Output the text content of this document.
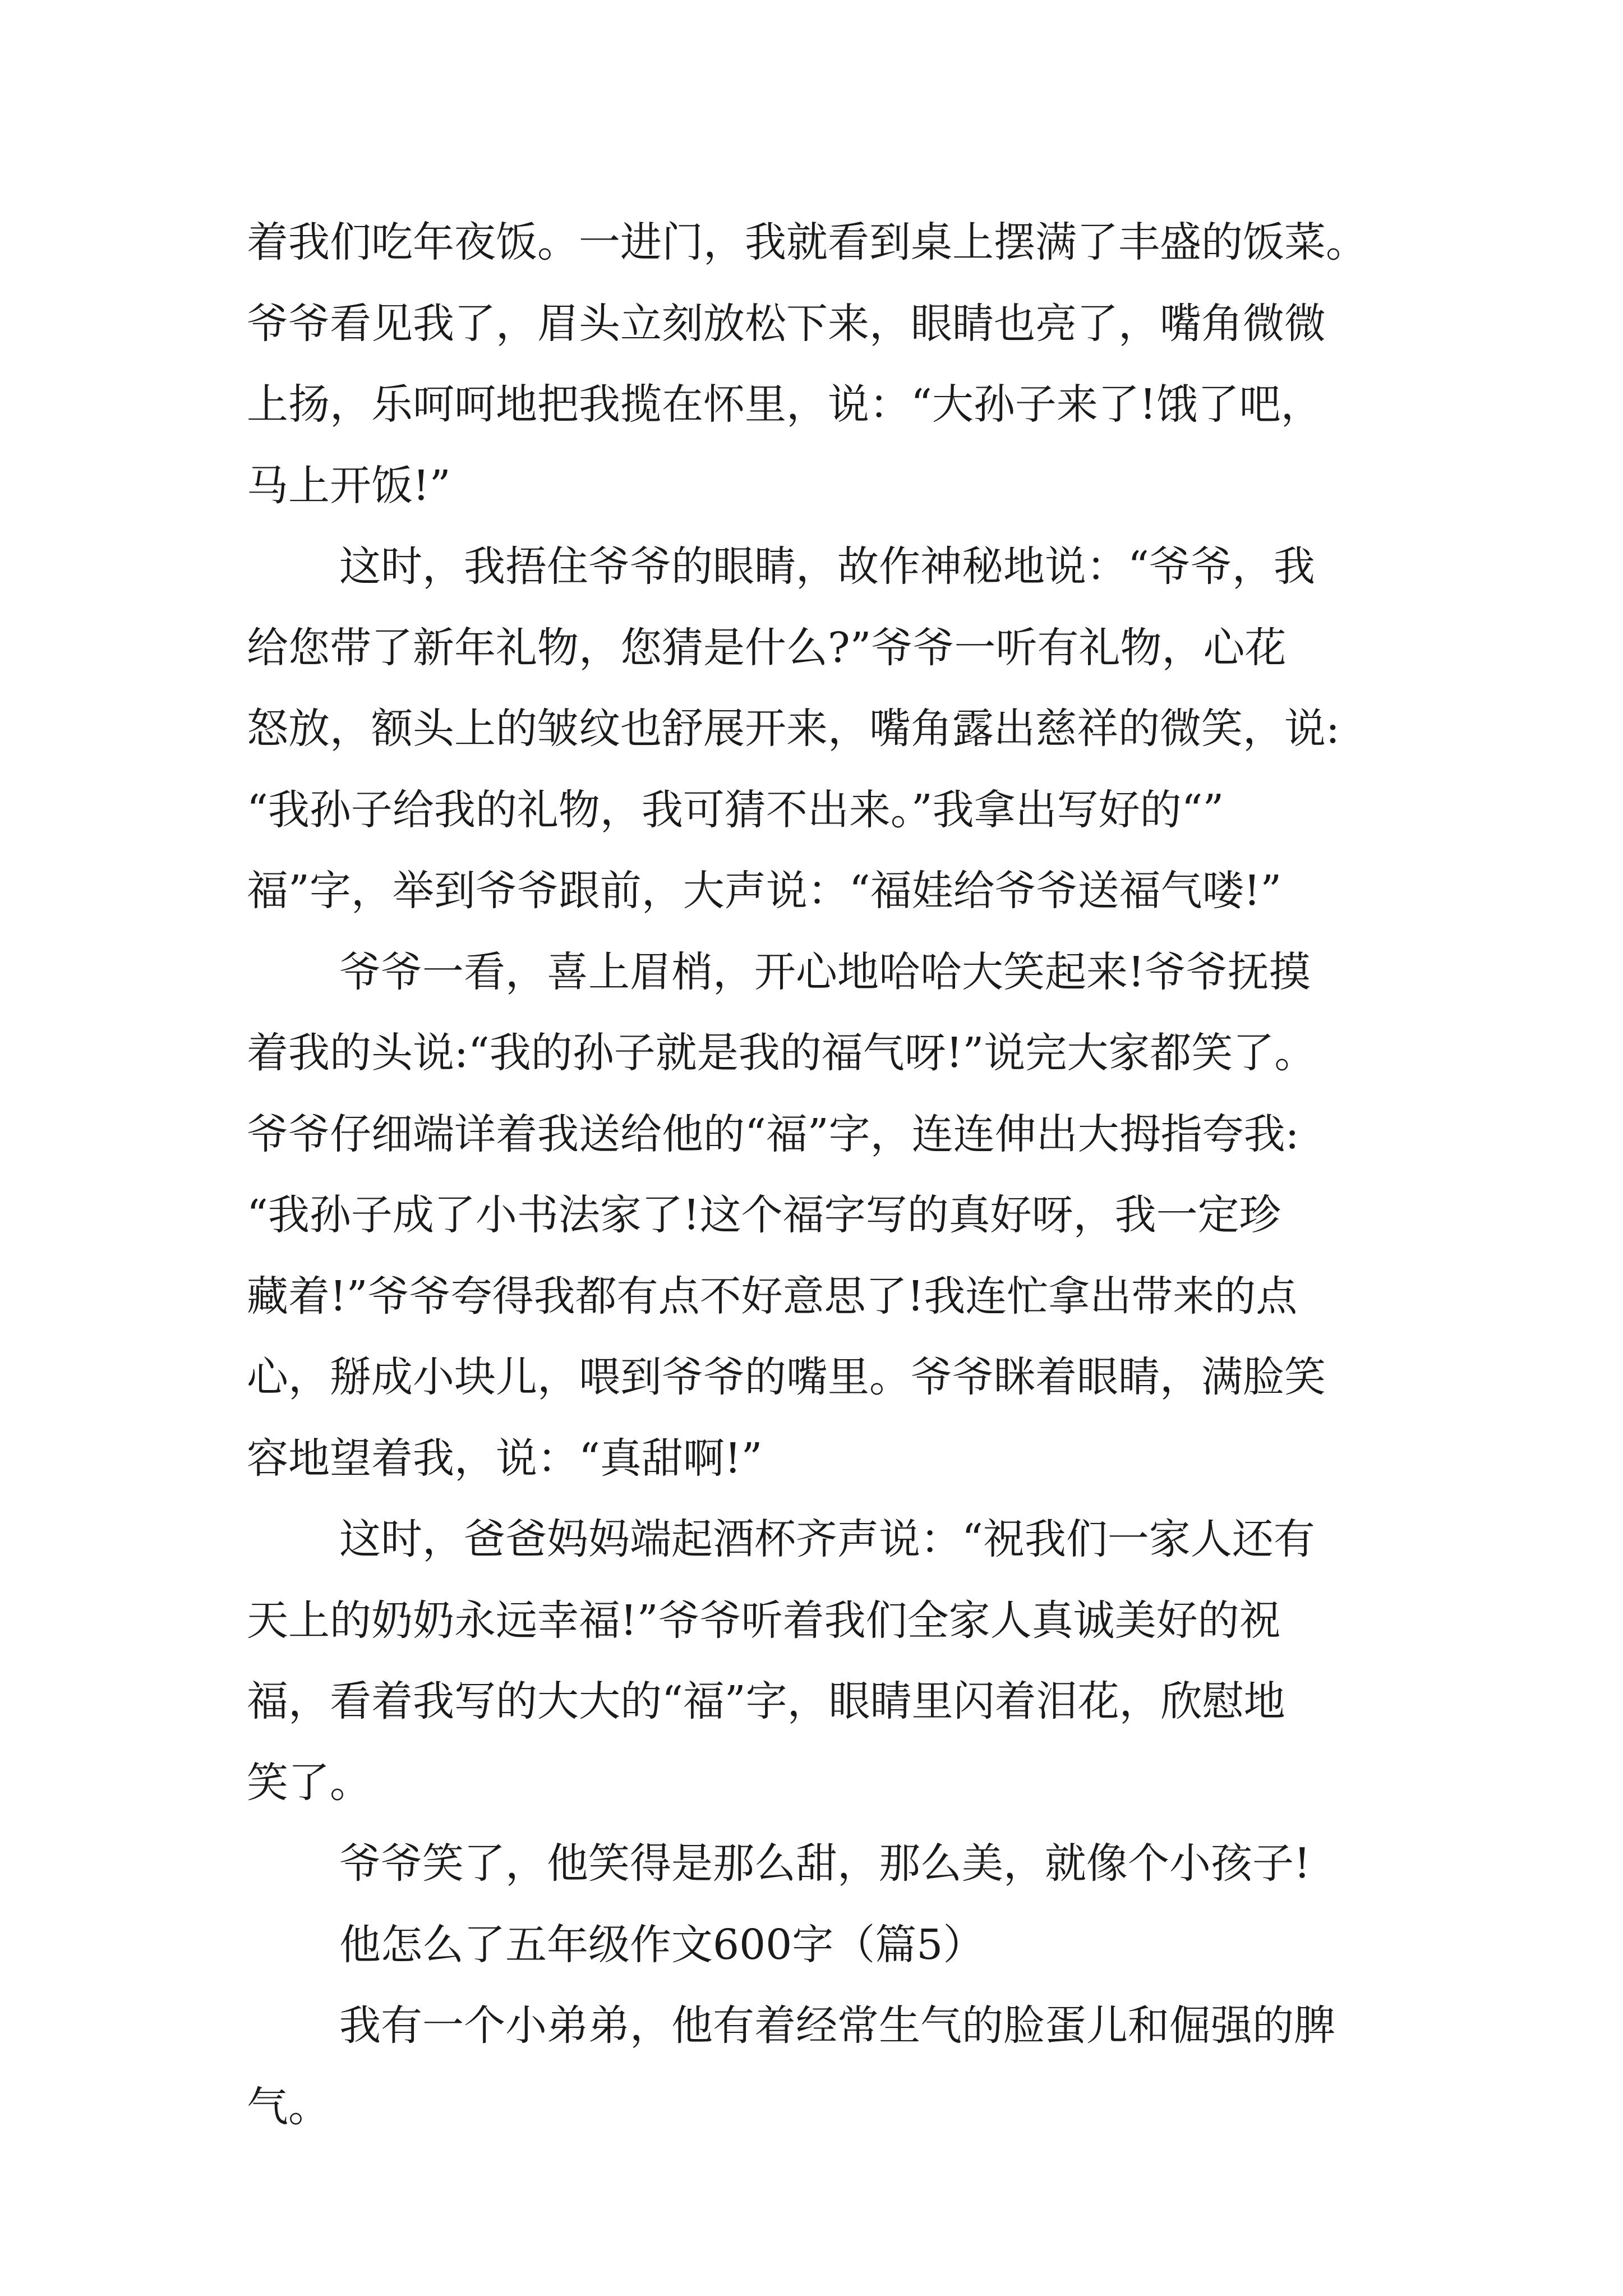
着我们吃年夜饭。一进门，我就看到桌上摆满了丰盛的饭菜。
爷爷看见我了，眉头立刻放松下来，眼睛也亮了，嘴角微微
上扬，乐呵呵地把我揽在怀里，说：“大孙子来了!饿了吧，
马上开饭!”
这时，我捂住爷爷的眼睛，故作神秘地说：“爷爷，我
给您带了新年礼物，您猜是什么?”爷爷一听有礼物，心花
怒放，额头上的皱纹也舒展开来，嘴角露出慈祥的微笑，说:
“我孙子给我的礼物，我可猜不出来。”我拿出写好的“”
福”字，举到爷爷跟前，大声说：“福娃给爷爷送福气喽!”
爷爷一看，喜上眉梢，开心地哈哈大笑起来!爷爷抚摸
着我的头说:“我的孙子就是我的福气呀!”说完大家都笑了。
爷爷仔细端详着我送给他的“福”字，连连伸出大拇指夸我:
“我孙子成了小书法家了!这个福字写的真好呀，我一定珍
藏着!”爷爷夸得我都有点不好意思了!我连忙拿出带来的点
心，掰成小块儿，喂到爷爷的嘴里。爷爷眯着眼睛，满脸笑
容地望着我，说：“真甜啊!”
这时，爸爸妈妈端起酒杯齐声说：“祝我们一家人还有
天上的奶奶永远幸福!”爷爷听着我们全家人真诚美好的祝
福，看着我写的大大的“福”字，眼睛里闪着泪花，欣慰地
笑了。
爷爷笑了，他笑得是那么甜，那么美，就像个小孩子!
他怎么了五年级作文600字（篇5）
我有一个小弟弟，他有着经常生气的脸蛋儿和倔强的脾
气。
